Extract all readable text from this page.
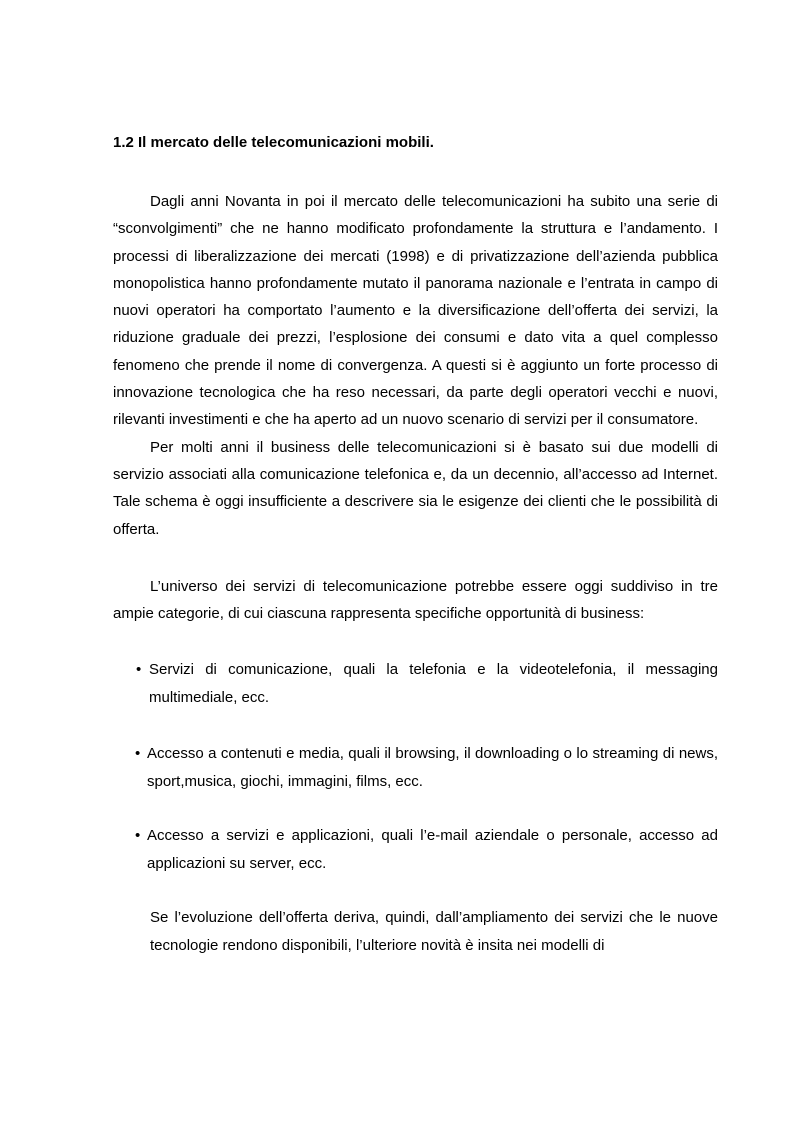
1.2 Il mercato delle telecomunicazioni mobili.

Dagli anni Novanta in poi il mercato delle telecomunicazioni ha subito una serie di “sconvolgimenti” che ne hanno modificato profondamente la struttura e l’andamento. I processi di liberalizzazione dei mercati (1998) e di privatizzazione dell’azienda pubblica monopolistica hanno profondamente mutato il panorama nazionale e l’entrata in campo di nuovi operatori ha comportato l’aumento e la diversificazione dell’offerta dei servizi, la riduzione graduale dei prezzi, l’esplosione dei consumi e dato vita a quel complesso fenomeno che prende il nome di convergenza. A questi si è aggiunto un forte processo di innovazione tecnologica che ha reso necessari, da parte degli operatori vecchi e nuovi, rilevanti investimenti e che ha aperto ad un nuovo scenario di servizi per il consumatore.

Per molti anni il business delle telecomunicazioni si è basato sui due modelli di servizio associati alla comunicazione telefonica e, da un decennio, all’accesso ad Internet. Tale schema è oggi insufficiente a descrivere sia le esigenze dei clienti che le possibilità di offerta.

L’universo dei servizi di telecomunicazione potrebbe essere oggi suddiviso in tre ampie categorie, di cui ciascuna rappresenta specifiche opportunità di business:

• Servizi di comunicazione, quali la telefonia e la videotelefonia, il messaging multimediale, ecc.
• Accesso a contenuti e media, quali il browsing, il downloading o lo streaming di news, sport,musica, giochi, immagini, films, ecc.
• Accesso a servizi e applicazioni, quali l’e-mail aziendale o personale, accesso ad applicazioni su server, ecc.

Se l’evoluzione dell’offerta deriva, quindi, dall’ampliamento dei servizi che le nuove tecnologie rendono disponibili, l’ulteriore novità è insita nei modelli di
